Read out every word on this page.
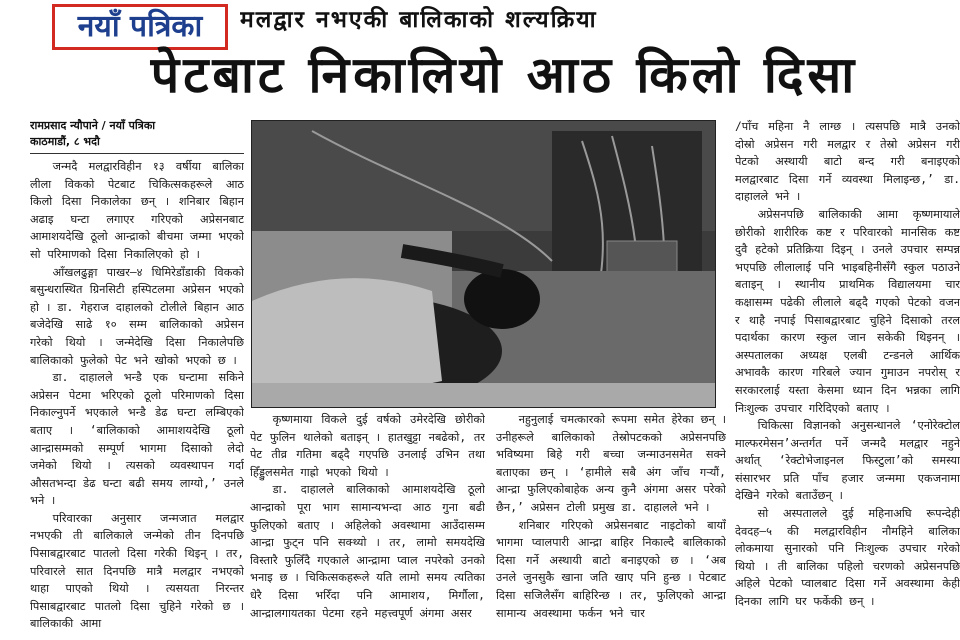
नयाँ पत्रिका	मलद्वार नभएकी बालिकाको शल्यक्रिया
पेटबाट निकालियो आठ किलो दिसा
रामप्रसाद न्यौपाने / नयाँ पत्रिका
काठमाडौं, ८ भदौ

जन्मदै मलद्वारविहीन १३ वर्षीया बालिका लीला विकको पेटबाट चिकित्सकहरूले आठ किलो दिसा निकालेका छन् । शनिबार बिहान अढाइ घन्टा लगाएर गरिएको अप्रेसनबाट आमाशयदेखि ठूलो आन्द्राको बीचमा जम्मा भएको सो परिमाणको दिसा निकालिएको हो ।

आँखलढुङ्गा पाखर–४ धिमिरेडाँडाकी विकको बसुन्धरास्थित ग्रिनसिटी हस्पिटलमा अप्रेसन भएको हो । डा. गेहराज दाहालको टोलीले बिहान आठ बजेदेखि साढे १० सम्म बालिकाको अप्रेसन गरेको थियो । जन्मेदेखि दिसा निकालेपछि बालिकाको फुलेको पेट भने खोको भएको छ ।

डा. दाहालले भन्डै एक घन्टामा सकिने अप्रेसन पेटमा भरिएको ठूलो परिमाणको दिसा निकाल्नुपर्ने भएकाले भन्डै डेढ घन्टा लम्बिएको बताए । ‘बालिकाको आमाशयदेखि ठूलो आन्द्रासम्मको सम्पूर्ण भागमा दिसाको लेदो जमेको थियो । त्यसको व्यवस्थापन गर्दा औसतभन्दा डेढ घन्टा बढी समय लाग्यो,’ उनले भने ।

परिवारका अनुसार जन्मजात मलद्वार नभएकी ती बालिकाले जन्मेको तीन दिनपछि पिसाबद्वारबाट पातलो दिसा गरेकी थिइन् । तर, परिवारले सात दिनपछि मात्रै मलद्वार नभएको थाहा पाएको थियो । त्यसयता निरन्तर पिसाबद्वारबाट पातलो दिसा चुहिने गरेको छ । बालिकाकी आमा

कृष्णमाया विकले दुई वर्षको उमेरदेखि छोरीको पेट फुलिन थालेको बताइन् । हातखुट्टा नबढेको, तर पेट तीव्र गतिमा बढ्दै गएपछि उनलाई उभिन तथा हिँड्डुलसमेत गाह्रो भएको थियो ।

डा. दाहालले बालिकाको आमाशयदेखि ठूलो आन्द्राको पूरा भाग सामान्यभन्दा आठ गुना बढी फुलिएको बताए । अहिलेको अवस्थामा आउँदासम्म आन्द्रा फुट्न पनि सक्थ्यो । तर, लामो समयदेखि विस्तारै फुलिँदै गएकाले आन्द्रामा प्वाल नपरेको उनको भनाइ छ । चिकित्सकहरूले यति लामो समय त्यतिका धेरै दिसा भरिँदा पनि आमाशय, मिर्गौला, आन्द्रालगायतका पेटमा रहने महत्त्वपूर्ण अंगमा असर

नहुनुलाई चमत्कारको रूपमा समेत हेरेका छन् । उनीहरूले बालिकाको तेस्रोपटकको अप्रेसनपछि भविष्यमा बिहे गरी बच्चा जन्माउनसमेत सक्ने बताएका छन् । ‘हामीले सबै अंग जाँच गर्‍यौं, आन्द्रा फुलिएकोबाहेक अन्य कुनै अंगमा असर परेको छैन,’ अप्रेसन टोली प्रमुख डा. दाहालले भने ।

शनिबार गरिएको अप्रेसनबाट नाइटोको बायाँ भागमा प्वालपारी आन्द्रा बाहिर निकाल्दै बालिकाको दिसा गर्ने अस्थायी बाटो बनाइएको छ । ‘अब उनले जुनसुकै खाना जति खाए पनि हुन्छ । पेटबाट दिसा सजिलैसँग बाहिरिन्छ । तर, फुलिएको आन्द्रा सामान्य अवस्थामा फर्कन भने चार

/पाँच महिना नै लाग्छ । त्यसपछि मात्रै उनको दोस्रो अप्रेसन गरी मलद्वार र तेस्रो अप्रेसन गरी पेटको अस्थायी बाटो बन्द गरी बनाइएको मलद्वारबाट दिसा गर्ने व्यवस्था मिलाइन्छ,’ डा. दाहालले भने ।

अप्रेसनपछि बालिकाकी आमा कृष्णमायाले छोरीको शारीरिक कष्ट र परिवारको मानसिक कष्ट दुवै हटेको प्रतिक्रिया दिइन् । उनले उपचार सम्पन्न भएपछि लीलालाई पनि भाइबहिनीसँगै स्कुल पठाउने बताइन् । स्थानीय प्राथमिक विद्यालयमा चार कक्षासम्म पढेकी लीलाले बढ्दै गएको पेटको वजन र थाहै नपाई पिसाबद्वारबाट चुहिने दिसाको तरल पदार्थका कारण स्कुल जान सकेकी थिइनन् । अस्पतालका अध्यक्ष एलबी टन्डनले आर्थिक अभावकै कारण गरिबले ज्यान गुमाउन नपरोस् र सरकारलाई यस्ता केसमा ध्यान दिन भन्नका लागि निःशुल्क उपचार गरिदिएको बताए ।

चिकित्सा विज्ञानको अनुसन्धानले ‘एनोरेक्टोल माल्फरमेसन’अन्तर्गत पर्ने जन्मदै मलद्वार नहुने अर्थात् ‘रेक्टोभेजाइनल फिस्टुला’को समस्या संसारभर प्रति पाँच हजार जन्ममा एकजनामा देखिने गरेको बताउँछन् ।

सो अस्पतालले दुई महिनाअघि रूपन्देही देवदह–५ की मलद्वारविहीन नौमहिने बालिका लोकमाया सुनारको पनि निःशुल्क उपचार गरेको थियो । ती बालिका पहिलो चरणको अप्रेसनपछि अहिले पेटको प्वालबाट दिसा गर्ने अवस्थामा केही दिनका लागि घर फर्केकी छन् ।
